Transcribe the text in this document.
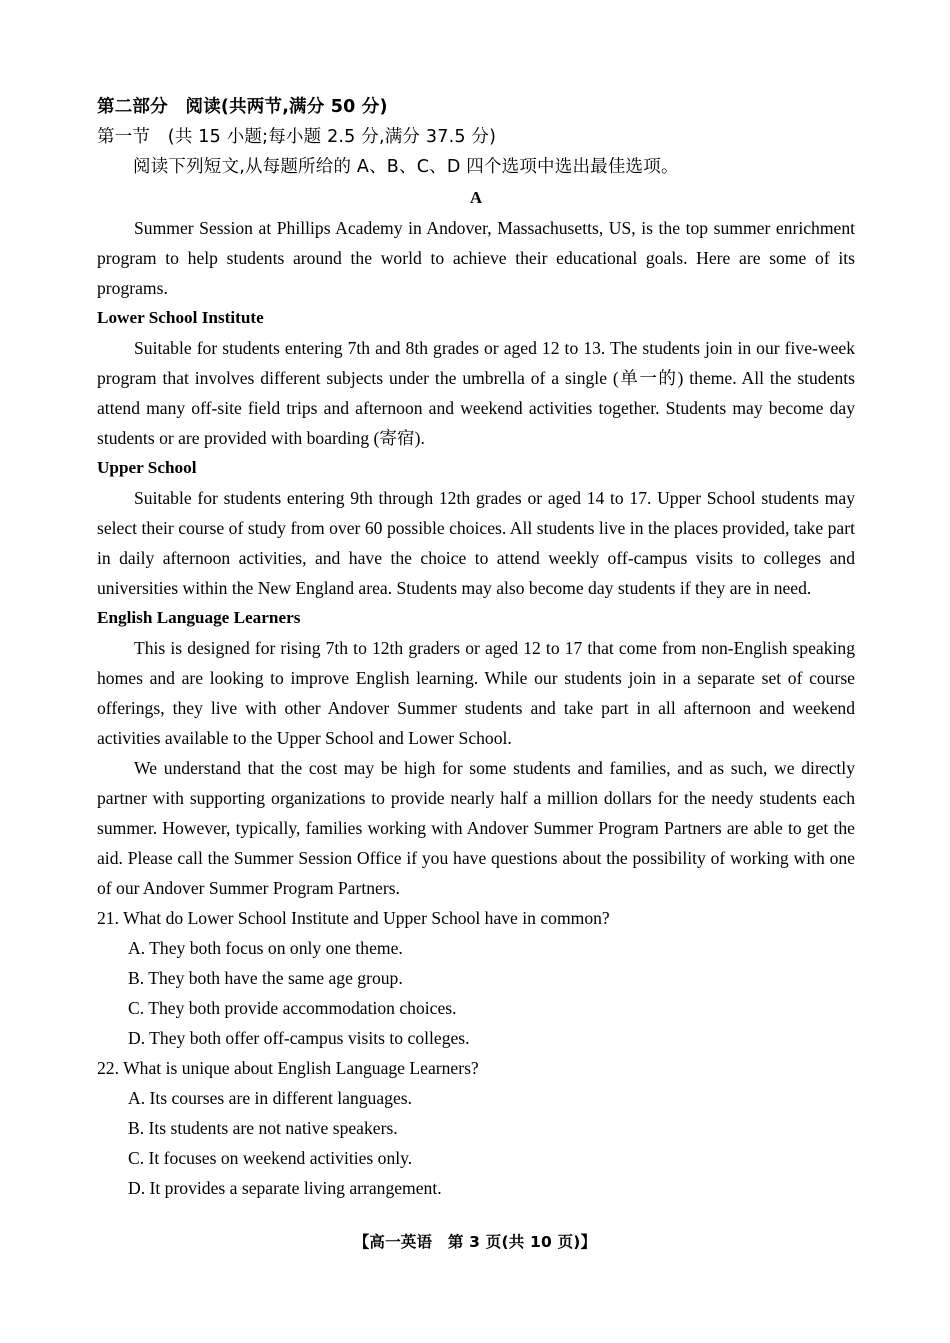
第二部分　阅读(共两节,满分 50 分)
第一节　(共 15 小题;每小题 2.5 分,满分 37.5 分)
阅读下列短文,从每题所给的 A、B、C、D 四个选项中选出最佳选项。
A

Summer Session at Phillips Academy in Andover, Massachusetts, US, is the top summer enrichment program to help students around the world to achieve their educational goals. Here are some of its programs.

Lower School Institute

Suitable for students entering 7th and 8th grades or aged 12 to 13. The students join in our five-week program that involves different subjects under the umbrella of a single (单一的) theme. All the students attend many off-site field trips and afternoon and weekend activities together. Students may become day students or are provided with boarding (寄宿).

Upper School

Suitable for students entering 9th through 12th grades or aged 14 to 17. Upper School students may select their course of study from over 60 possible choices. All students live in the places provided, take part in daily afternoon activities, and have the choice to attend weekly off-campus visits to colleges and universities within the New England area. Students may also become day students if they are in need.

English Language Learners

This is designed for rising 7th to 12th graders or aged 12 to 17 that come from non-English speaking homes and are looking to improve English learning. While our students join in a separate set of course offerings, they live with other Andover Summer students and take part in all afternoon and weekend activities available to the Upper School and Lower School.

We understand that the cost may be high for some students and families, and as such, we directly partner with supporting organizations to provide nearly half a million dollars for the needy students each summer. However, typically, families working with Andover Summer Program Partners are able to get the aid. Please call the Summer Session Office if you have questions about the possibility of working with one of our Andover Summer Program Partners.

21. What do Lower School Institute and Upper School have in common?
A. They both focus on only one theme.
B. They both have the same age group.
C. They both provide accommodation choices.
D. They both offer off-campus visits to colleges.
22. What is unique about English Language Learners?
A. Its courses are in different languages.
B. Its students are not native speakers.
C. It focuses on weekend activities only.
D. It provides a separate living arrangement.
【高一英语　第 3 页(共 10 页)】
